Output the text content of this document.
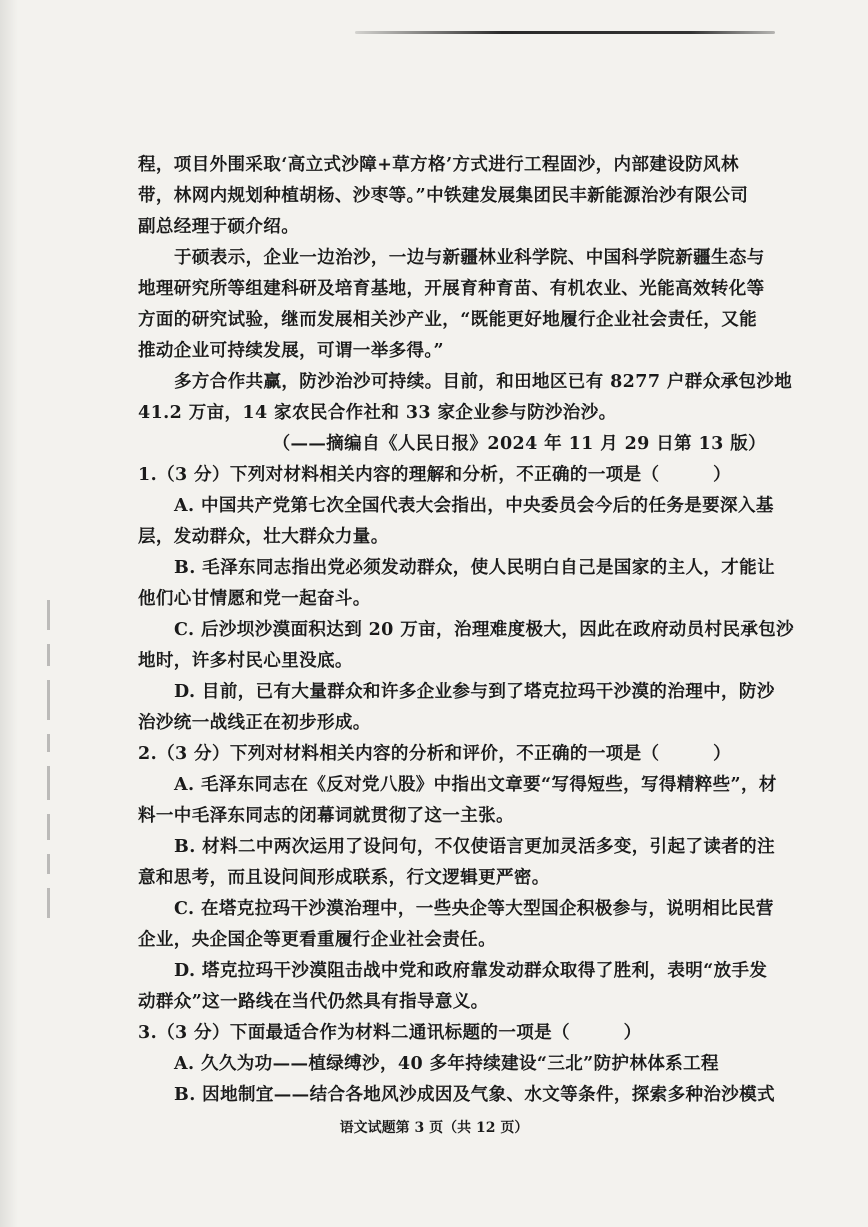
程，项目外围采取‘高立式沙障+草方格’方式进行工程固沙，内部建设防风林
带，林网内规划种植胡杨、沙枣等。”中铁建发展集团民丰新能源治沙有限公司
副总经理于硕介绍。
于硕表示，企业一边治沙，一边与新疆林业科学院、中国科学院新疆生态与
地理研究所等组建科研及培育基地，开展育种育苗、有机农业、光能高效转化等
方面的研究试验，继而发展相关沙产业，“既能更好地履行企业社会责任，又能
推动企业可持续发展，可谓一举多得。”
多方合作共赢，防沙治沙可持续。目前，和田地区已有 8277 户群众承包沙地
41.2 万亩，14 家农民合作社和 33 家企业参与防沙治沙。
（——摘编自《人民日报》2024 年 11 月 29 日第 13 版）
1.（3 分）下列对材料相关内容的理解和分析，不正确的一项是（　　　）
A. 中国共产党第七次全国代表大会指出，中央委员会今后的任务是要深入基
层，发动群众，壮大群众力量。
B. 毛泽东同志指出党必须发动群众，使人民明白自己是国家的主人，才能让
他们心甘情愿和党一起奋斗。
C. 后沙坝沙漠面积达到 20 万亩，治理难度极大，因此在政府动员村民承包沙
地时，许多村民心里没底。
D. 目前，已有大量群众和许多企业参与到了塔克拉玛干沙漠的治理中，防沙
治沙统一战线正在初步形成。
2.（3 分）下列对材料相关内容的分析和评价，不正确的一项是（　　　）
A. 毛泽东同志在《反对党八股》中指出文章要“写得短些，写得精粹些”，材
料一中毛泽东同志的闭幕词就贯彻了这一主张。
B. 材料二中两次运用了设问句，不仅使语言更加灵活多变，引起了读者的注
意和思考，而且设问间形成联系，行文逻辑更严密。
C. 在塔克拉玛干沙漠治理中，一些央企等大型国企积极参与，说明相比民营
企业，央企国企等更看重履行企业社会责任。
D. 塔克拉玛干沙漠阻击战中党和政府靠发动群众取得了胜利，表明“放手发
动群众”这一路线在当代仍然具有指导意义。
3.（3 分）下面最适合作为材料二通讯标题的一项是（　　　）
A. 久久为功——植绿缚沙，40 多年持续建设“三北”防护林体系工程
B. 因地制宜——结合各地风沙成因及气象、水文等条件，探索多种治沙模式
语文试题第 3 页（共 12 页）
